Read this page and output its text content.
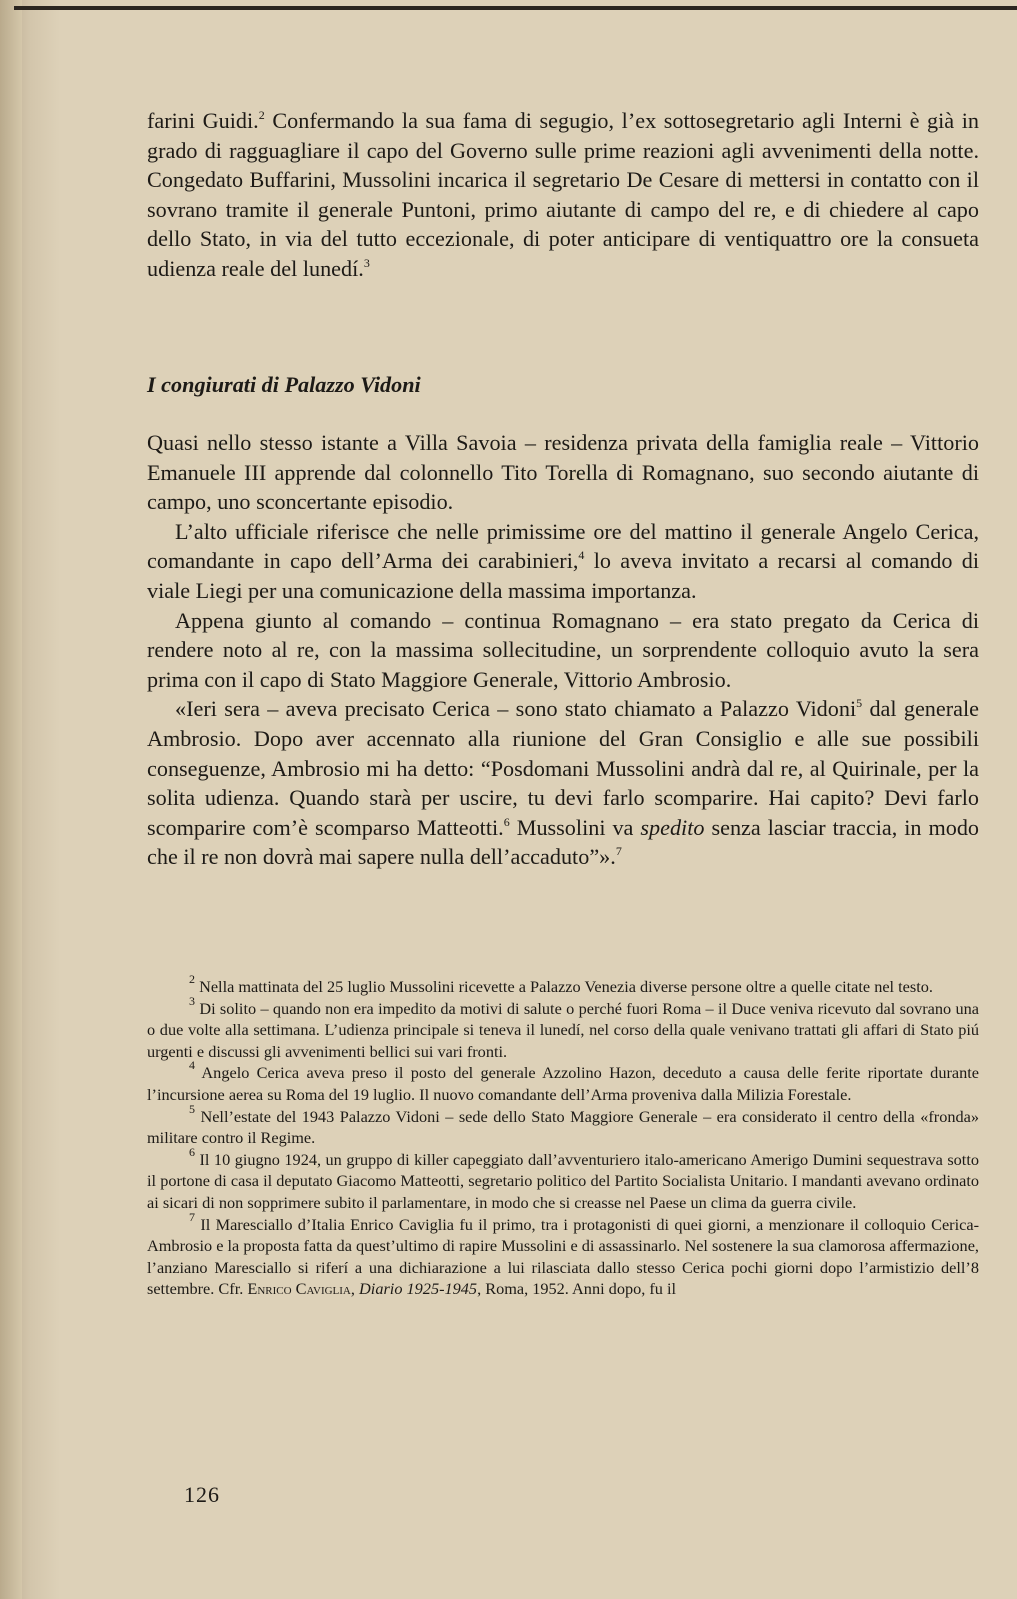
farini Guidi.$^2$ Confermando la sua fama di segugio, l’ex sottosegretario agli Interni è già in grado di ragguagliare il capo del Governo sulle prime reazioni agli avvenimenti della notte. Congedato Buffarini, Mussolini incarica il segretario De Cesare di mettersi in contatto con il sovrano tramite il generale Puntoni, primo aiutante di campo del re, e di chiedere al capo dello Stato, in via del tutto eccezionale, di poter anticipare di ventiquattro ore la consueta udienza reale del lunedí.$^3$

I congiurati di Palazzo Vidoni

Quasi nello stesso istante a Villa Savoia – residenza privata della famiglia reale – Vittorio Emanuele III apprende dal colonnello Tito Torella di Romagnano, suo secondo aiutante di campo, uno sconcertante episodio.

L’alto ufficiale riferisce che nelle primissime ore del mattino il generale Angelo Cerica, comandante in capo dell’Arma dei carabinieri,$^4$ lo aveva invitato a recarsi al comando di viale Liegi per una comunicazione della massima importanza.

Appena giunto al comando – continua Romagnano – era stato pregato da Cerica di rendere noto al re, con la massima sollecitudine, un sorprendente colloquio avuto la sera prima con il capo di Stato Maggiore Generale, Vittorio Ambrosio.

«Ieri sera – aveva precisato Cerica – sono stato chiamato a Palazzo Vidoni$^5$ dal generale Ambrosio. Dopo aver accennato alla riunione del Gran Consiglio e alle sue possibili conseguenze, Ambrosio mi ha detto: “Posdomani Mussolini andrà dal re, al Quirinale, per la solita udienza. Quando starà per uscire, tu devi farlo scomparire. Hai capito? Devi farlo scomparire com’è scomparso Matteotti.$^6$ Mussolini va spedito senza lasciar traccia, in modo che il re non dovrà mai sapere nulla dell’accaduto”».$^7$

$^2$ Nella mattinata del 25 luglio Mussolini ricevette a Palazzo Venezia diverse persone oltre a quelle citate nel testo.

$^3$ Di solito – quando non era impedito da motivi di salute o perché fuori Roma – il Duce veniva ricevuto dal sovrano una o due volte alla settimana. L’udienza principale si teneva il lunedí, nel corso della quale venivano trattati gli affari di Stato piú urgenti e discussi gli avvenimenti bellici sui vari fronti.

$^4$ Angelo Cerica aveva preso il posto del generale Azzolino Hazon, deceduto a causa delle ferite riportate durante l’incursione aerea su Roma del 19 luglio. Il nuovo comandante dell’Arma proveniva dalla Milizia Forestale.

$^5$ Nell’estate del 1943 Palazzo Vidoni – sede dello Stato Maggiore Generale – era considerato il centro della «fronda» militare contro il Regime.

$^6$ Il 10 giugno 1924, un gruppo di killer capeggiato dall’avventuriero italo-americano Amerigo Dumini sequestrava sotto il portone di casa il deputato Giacomo Matteotti, segretario politico del Partito Socialista Unitario. I mandanti avevano ordinato ai sicari di non sopprimere subito il parlamentare, in modo che si creasse nel Paese un clima da guerra civile.

$^7$ Il Maresciallo d’Italia Enrico Caviglia fu il primo, tra i protagonisti di quei giorni, a menzionare il colloquio Cerica-Ambrosio e la proposta fatta da quest’ultimo di rapire Mussolini e di assassinarlo. Nel sostenere la sua clamorosa affermazione, l’anziano Maresciallo si riferí a una dichiarazione a lui rilasciata dallo stesso Cerica pochi giorni dopo l’armistizio dell’8 settembre. Cfr. Enrico Caviglia, Diario 1925-1945, Roma, 1952. Anni dopo, fu il

126
